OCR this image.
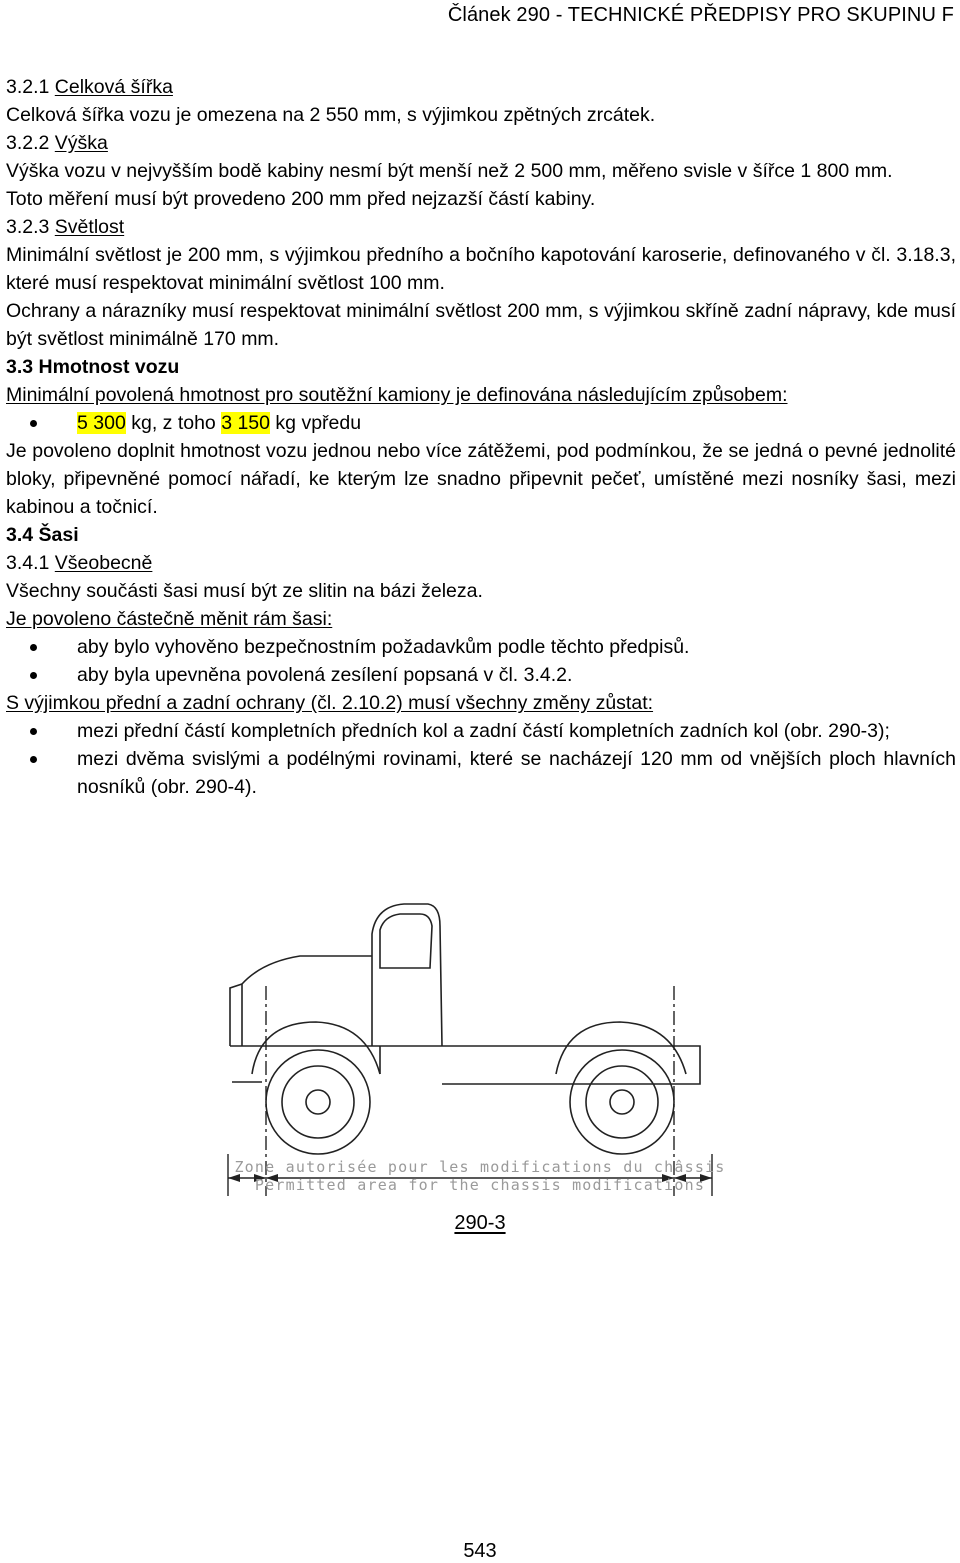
Článek 290 - TECHNICKÉ PŘEDPISY PRO SKUPINU F

3.2.1 Celková šířka

Celková šířka vozu je omezena na 2 550 mm, s výjimkou zpětných zrcátek.

3.2.2 Výška

Výška vozu v nejvyšším bodě kabiny nesmí být menší než 2 500 mm, měřeno svisle v šířce 1 800 mm.

Toto měření musí být provedeno 200 mm před nejzazší částí kabiny.

3.2.3 Světlost

Minimální světlost je 200 mm, s výjimkou předního a bočního kapotování karoserie, definovaného v čl. 3.18.3, které musí respektovat minimální světlost 100 mm.

Ochrany a nárazníky musí respektovat minimální světlost 200 mm, s výjimkou skříně zadní nápravy, kde musí být světlost minimálně 170 mm.

3.3 Hmotnost vozu

Minimální povolená hmotnost pro soutěžní kamiony je definována následujícím způsobem:

5 300 kg, z toho 3 150 kg vpředu

Je povoleno doplnit hmotnost vozu jednou nebo více zátěžemi, pod podmínkou, že se jedná o pevné jednolité bloky, připevněné pomocí nářadí, ke kterým lze snadno připevnit pečeť, umístěné mezi nosníky šasi, mezi kabinou a točnicí.

3.4 Šasi

3.4.1 Všeobecně

Všechny součásti šasi musí být ze slitin na bázi železa.

Je povoleno částečně měnit rám šasi:

aby bylo vyhověno bezpečnostním požadavkům podle těchto předpisů.
aby byla upevněna povolená zesílení popsaná v čl. 3.4.2.

S výjimkou přední a zadní ochrany (čl. 2.10.2) musí všechny změny zůstat:

mezi přední částí kompletních předních kol a zadní částí kompletních zadních kol (obr. 290-3);
mezi dvěma svislými a podélnými rovinami, které se nacházejí 120 mm od vnějších ploch hlavních nosníků (obr. 290-4).
Zone autorisée pour les modifications du châssis
Permitted area for the chassis modifications
290-3
543
